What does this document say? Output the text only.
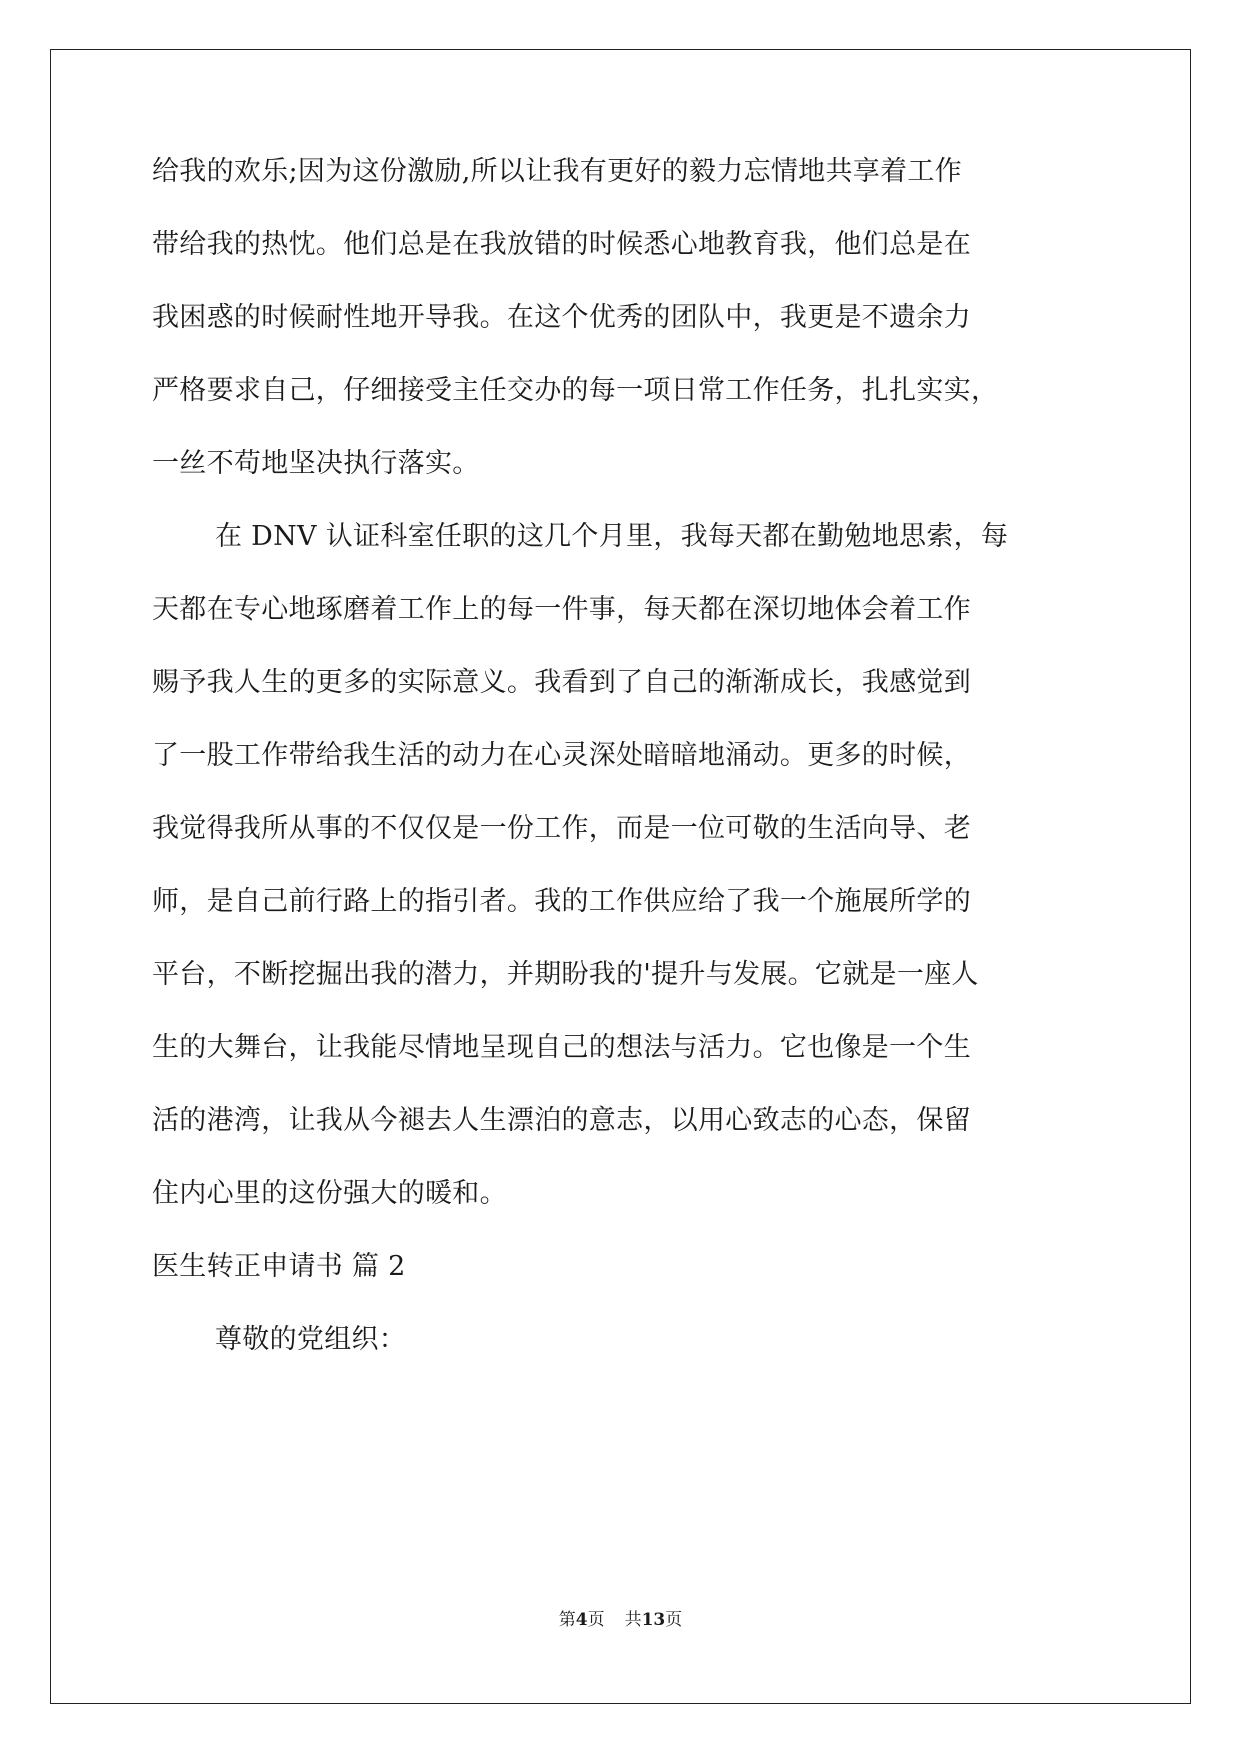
给我的欢乐;因为这份激励,所以让我有更好的毅力忘情地共享着工作
带给我的热忱。他们总是在我放错的时候悉心地教育我，他们总是在
我困惑的时候耐性地开导我。在这个优秀的团队中，我更是不遗余力
严格要求自己，仔细接受主任交办的每一项日常工作任务，扎扎实实，
一丝不苟地坚决执行落实。
在 DNV 认证科室任职的这几个月里，我每天都在勤勉地思索，每
天都在专心地琢磨着工作上的每一件事，每天都在深切地体会着工作
赐予我人生的更多的实际意义。我看到了自己的渐渐成长，我感觉到
了一股工作带给我生活的动力在心灵深处暗暗地涌动。更多的时候，
我觉得我所从事的不仅仅是一份工作，而是一位可敬的生活向导、老
师，是自己前行路上的指引者。我的工作供应给了我一个施展所学的
平台，不断挖掘出我的潜力，并期盼我的'提升与发展。它就是一座人
生的大舞台，让我能尽情地呈现自己的想法与活力。它也像是一个生
活的港湾，让我从今褪去人生漂泊的意志，以用心致志的心态，保留
住内心里的这份强大的暖和。
医生转正申请书 篇 2
尊敬的党组织：
第4页 共13页
